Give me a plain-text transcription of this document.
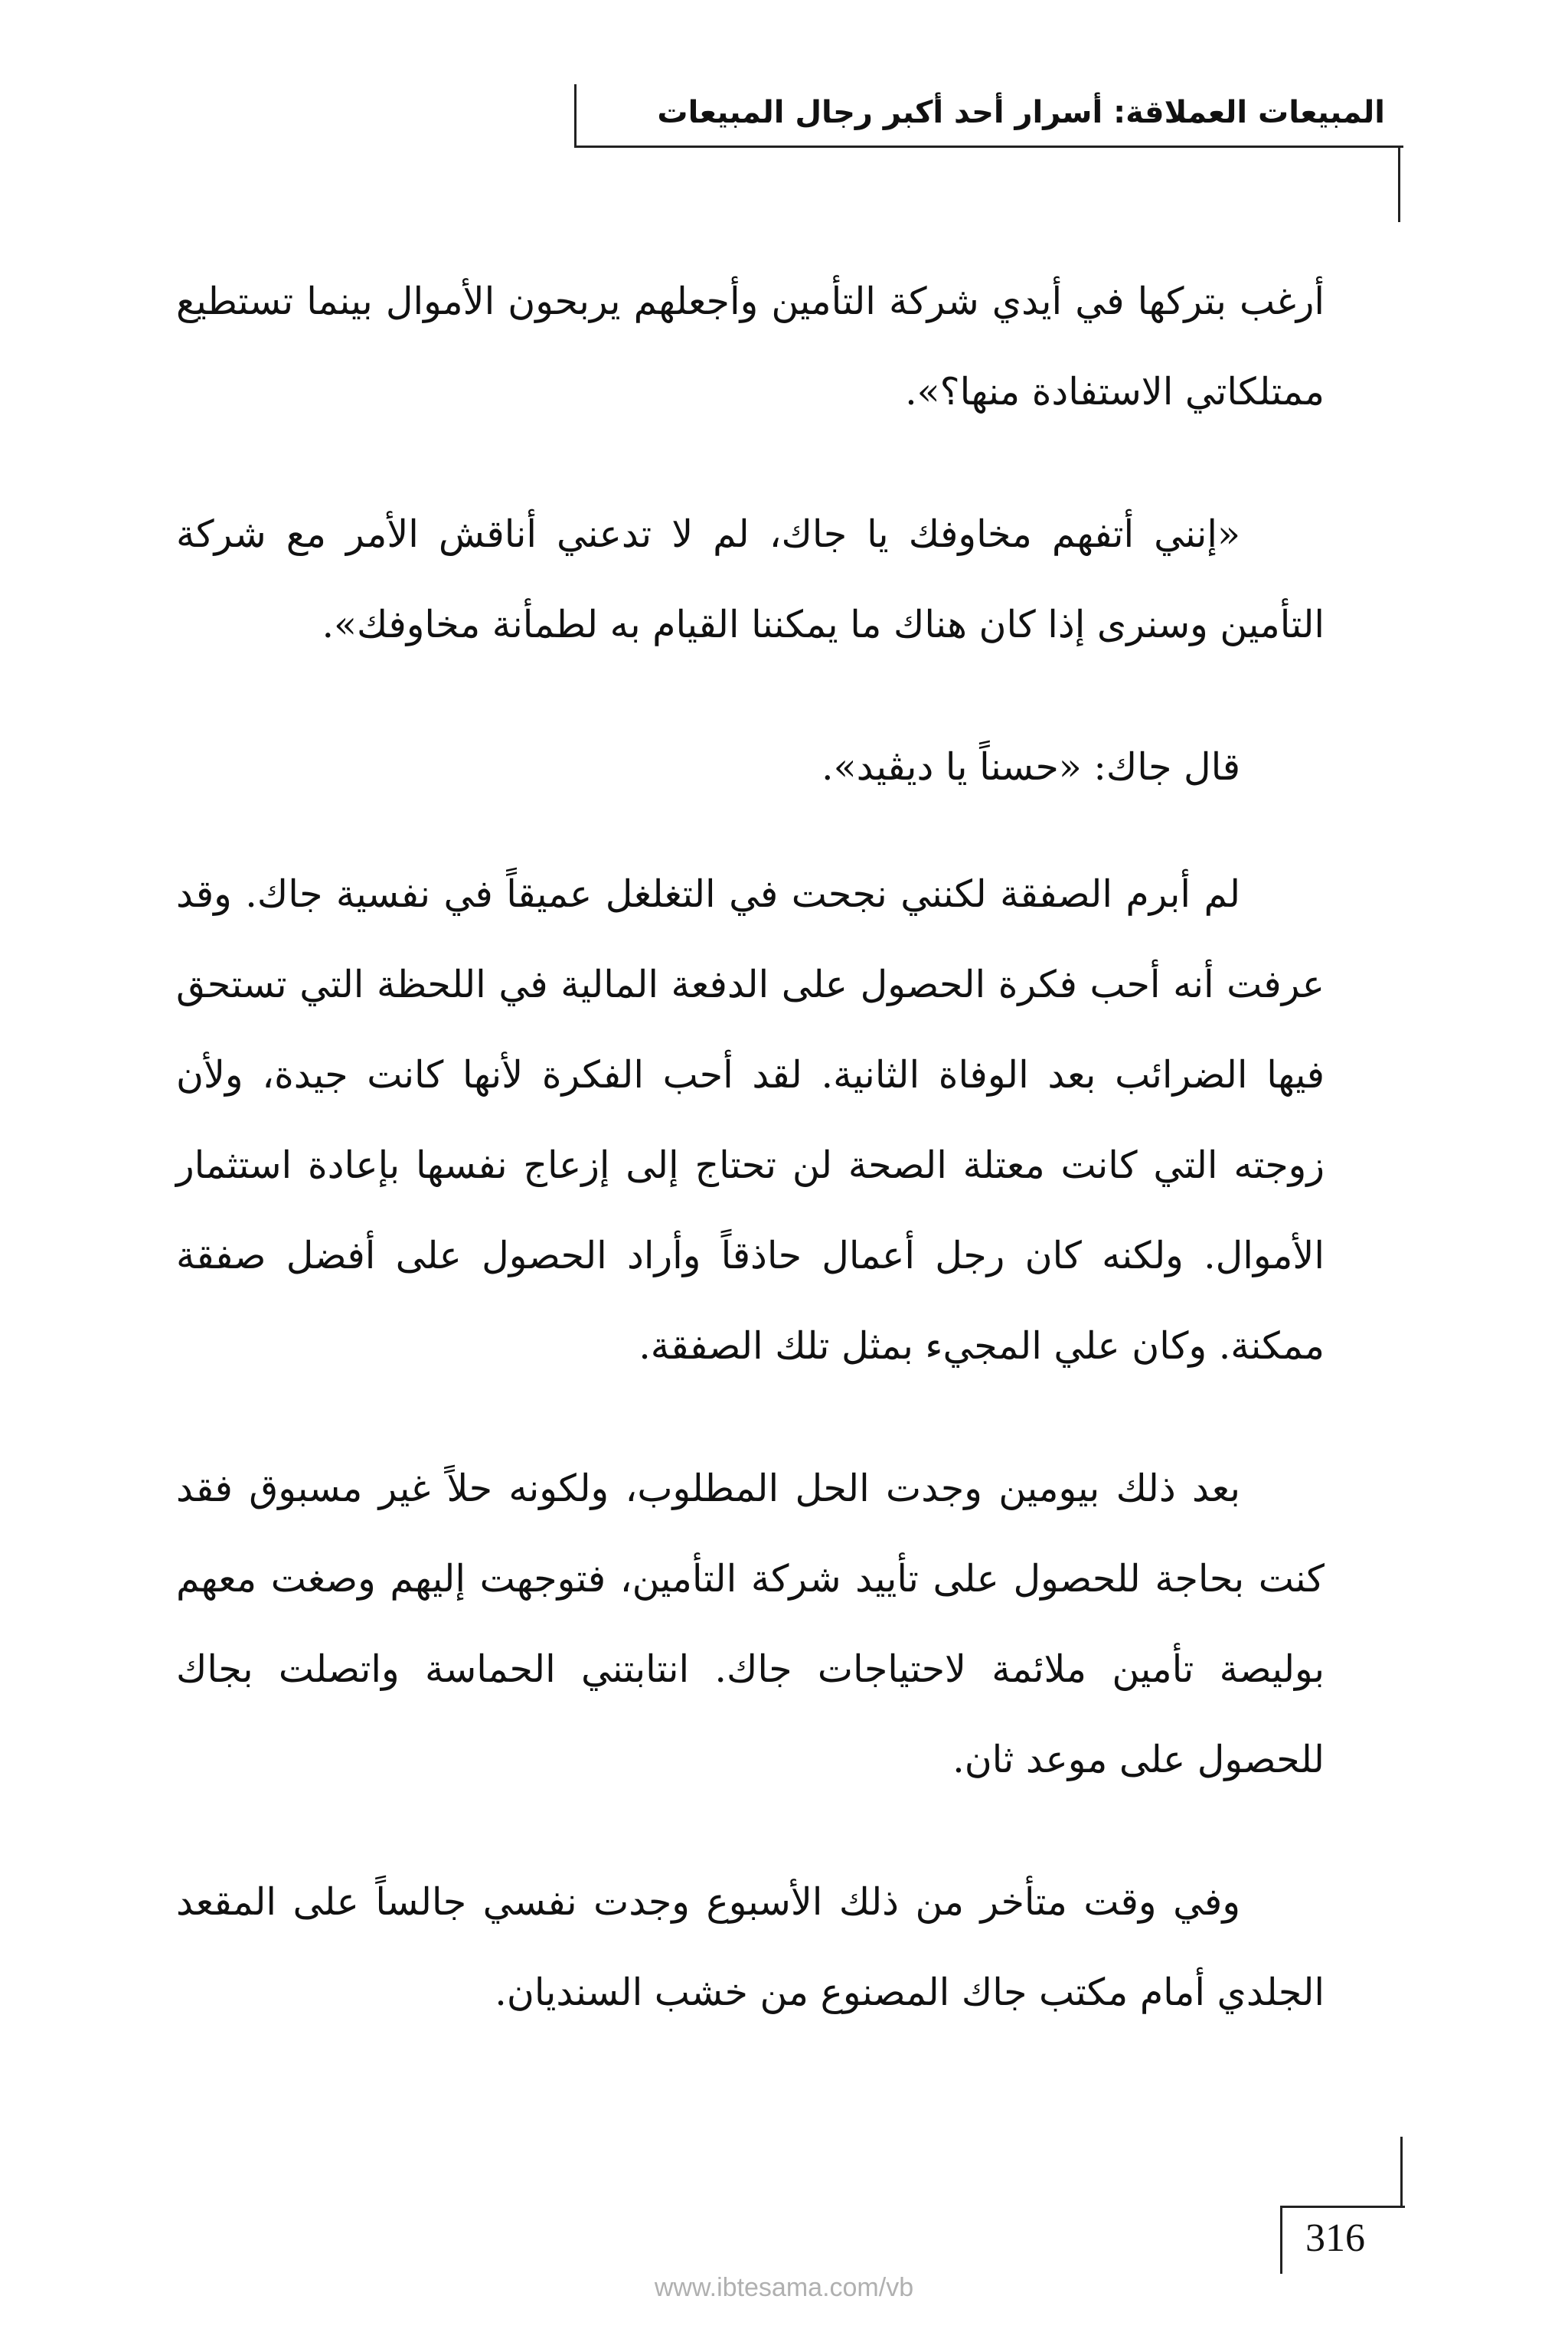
المبيعات العملاقة: أسرار أحد أكبر رجال المبيعات

أرغب بتركها في أيدي شركة التأمين وأجعلهم يربحون الأموال بينما تستطيع ممتلكاتي الاستفادة منها؟».

«إنني أتفهم مخاوفك يا جاك، لم لا تدعني أناقش الأمر مع شركة التأمين وسنرى إذا كان هناك ما يمكننا القيام به لطمأنة مخاوفك».

قال جاك: «حسناً يا ديڤيد».

لم أبرم الصفقة لكنني نجحت في التغلغل عميقاً في نفسية جاك. وقد عرفت أنه أحب فكرة الحصول على الدفعة المالية في اللحظة التي تستحق فيها الضرائب بعد الوفاة الثانية. لقد أحب الفكرة لأنها كانت جيدة، ولأن زوجته التي كانت معتلة الصحة لن تحتاج إلى إزعاج نفسها بإعادة استثمار الأموال. ولكنه كان رجل أعمال حاذقاً وأراد الحصول على أفضل صفقة ممكنة. وكان علي المجيء بمثل تلك الصفقة.

بعد ذلك بيومين وجدت الحل المطلوب، ولكونه حلاً غير مسبوق فقد كنت بحاجة للحصول على تأييد شركة التأمين، فتوجهت إليهم وصغت معهم بوليصة تأمين ملائمة لاحتياجات جاك. انتابتني الحماسة واتصلت بجاك للحصول على موعد ثان.

وفي وقت متأخر من ذلك الأسبوع وجدت نفسي جالساً على المقعد الجلدي أمام مكتب جاك المصنوع من خشب السنديان.

316
www.ibtesama.com/vb
